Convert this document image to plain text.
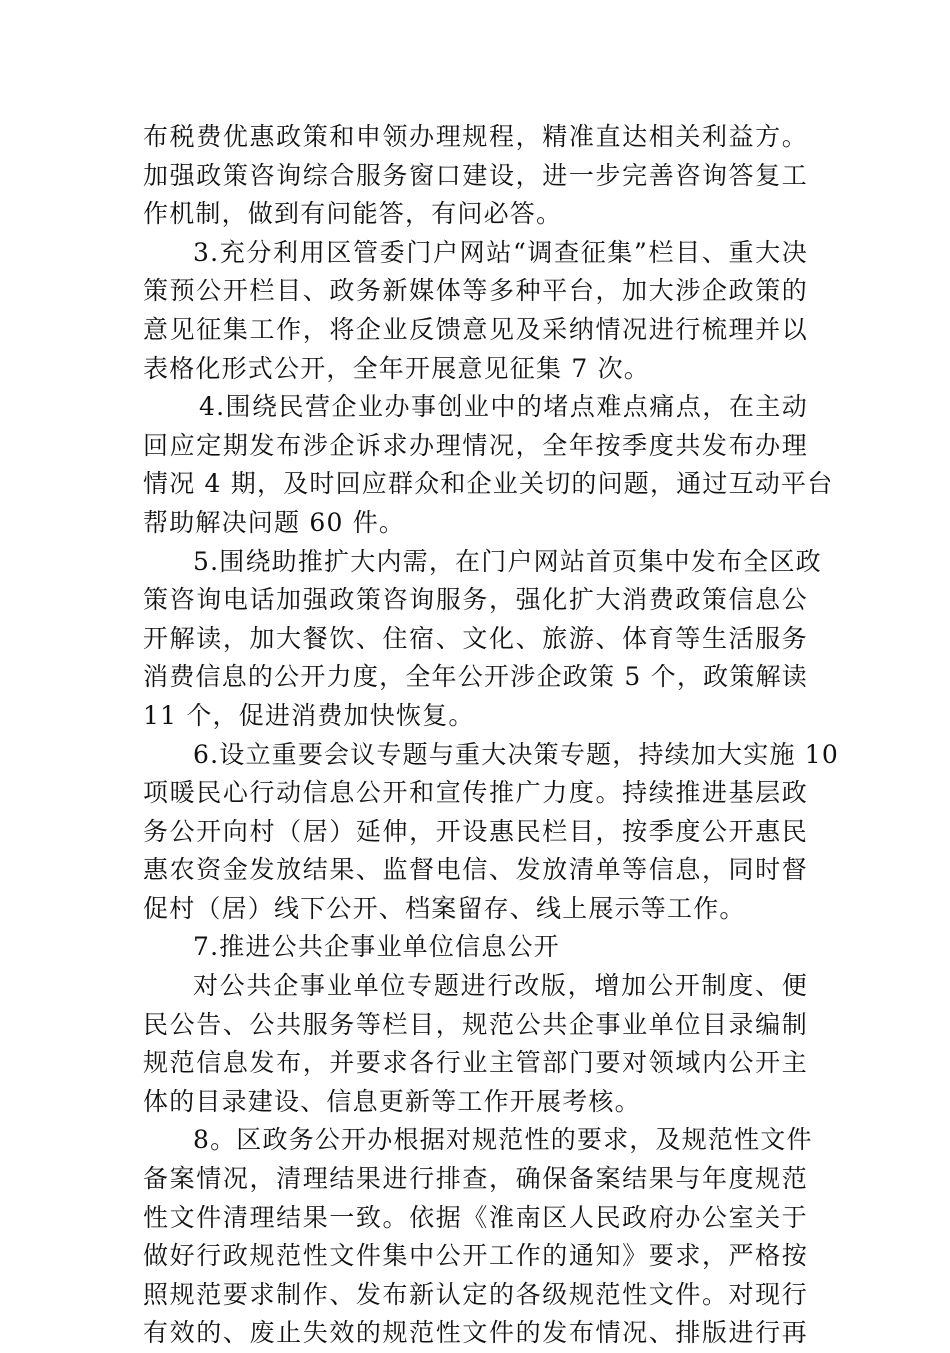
布税费优惠政策和申领办理规程，精准直达相关利益方。
加强政策咨询综合服务窗口建设，进一步完善咨询答复工
作机制，做到有问能答，有问必答。
3.充分利用区管委门户网站“调查征集”栏目、重大决
策预公开栏目、政务新媒体等多种平台，加大涉企政策的
意见征集工作，将企业反馈意见及采纳情况进行梳理并以
表格化形式公开，全年开展意见征集 7 次。
4.围绕民营企业办事创业中的堵点难点痛点，在主动
回应定期发布涉企诉求办理情况，全年按季度共发布办理
情况 4 期，及时回应群众和企业关切的问题，通过互动平台
帮助解决问题 60 件。
5.围绕助推扩大内需，在门户网站首页集中发布全区政
策咨询电话加强政策咨询服务，强化扩大消费政策信息公
开解读，加大餐饮、住宿、文化、旅游、体育等生活服务
消费信息的公开力度，全年公开涉企政策 5 个，政策解读
11 个，促进消费加快恢复。
6.设立重要会议专题与重大决策专题，持续加大实施 10
项暖民心行动信息公开和宣传推广力度。持续推进基层政
务公开向村（居）延伸，开设惠民栏目，按季度公开惠民
惠农资金发放结果、监督电信、发放清单等信息，同时督
促村（居）线下公开、档案留存、线上展示等工作。
7.推进公共企事业单位信息公开
对公共企事业单位专题进行改版，增加公开制度、便
民公告、公共服务等栏目，规范公共企事业单位目录编制
规范信息发布，并要求各行业主管部门要对领域内公开主
体的目录建设、信息更新等工作开展考核。
8。区政务公开办根据对规范性的要求，及规范性文件
备案情况，清理结果进行排查，确保备案结果与年度规范
性文件清理结果一致。依据《淮南区人民政府办公室关于
做好行政规范性文件集中公开工作的通知》要求，严格按
照规范要求制作、发布新认定的各级规范性文件。对现行
有效的、废止失效的规范性文件的发布情况、排版进行再
